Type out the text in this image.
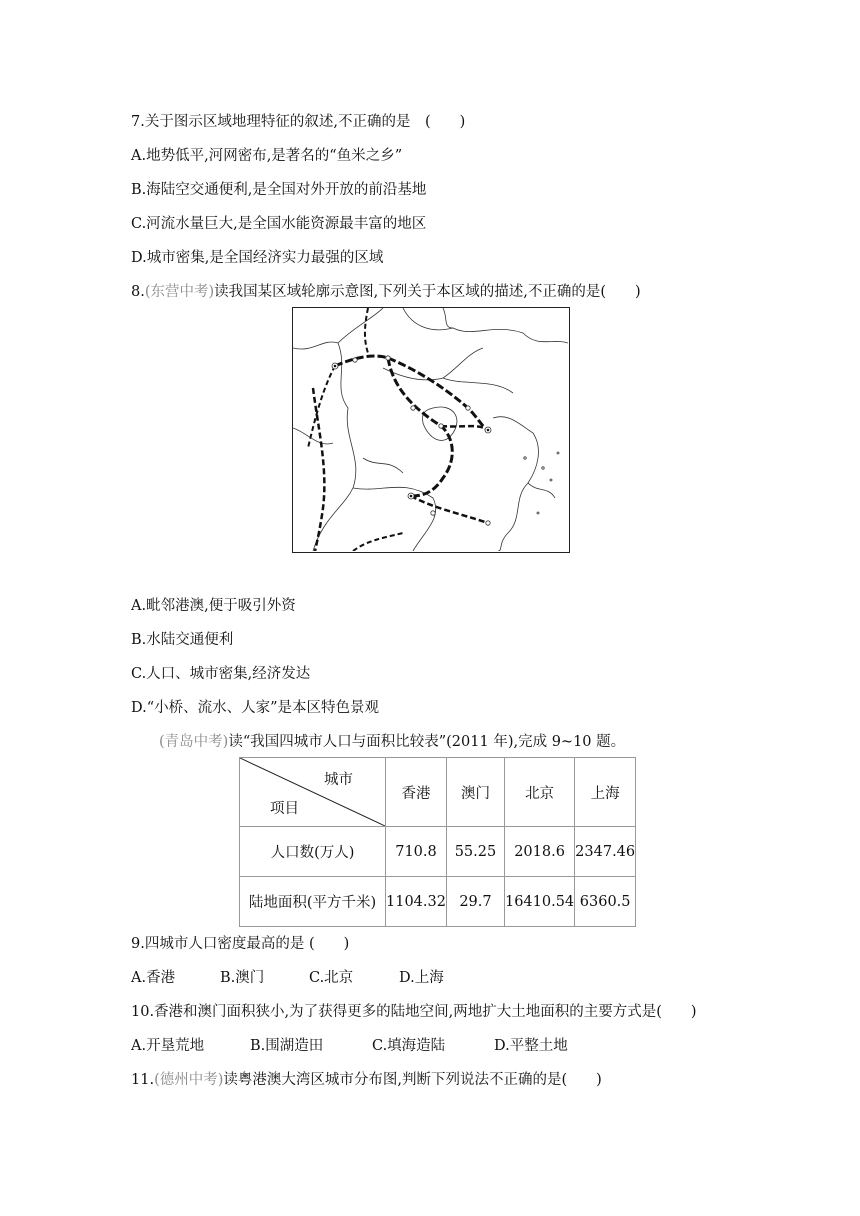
7.关于图示区域地理特征的叙述,不正确的是　(　　)
A.地势低平,河网密布,是著名的“鱼米之乡”
B.海陆空交通便利,是全国对外开放的前沿基地
C.河流水量巨大,是全国水能资源最丰富的地区
D.城市密集,是全国经济实力最强的区域
8.(东营中考)读我国某区域轮廓示意图,下列关于本区域的描述,不正确的是(　　)
A.毗邻港澳,便于吸引外资
B.水陆交通便利
C.人口、城市密集,经济发达
D.“小桥、流水、人家”是本区特色景观
(青岛中考)读“我国四城市人口与面积比较表”(2011 年),完成 9~10 题。
城市
项目	香港	澳门	北京	上海
人口数(万人)	710.8	55.25	2018.6	2347.46
陆地面积(平方千米)	1104.32	29.7	16410.54	6360.5
9.四城市人口密度最高的是 (　　)
A.香港	B.澳门	C.北京	D.上海
10.香港和澳门面积狭小,为了获得更多的陆地空间,两地扩大土地面积的主要方式是(　　)
A.开垦荒地	B.围湖造田	C.填海造陆	D.平整土地
11.(德州中考)读粤港澳大湾区城市分布图,判断下列说法不正确的是(　　)
